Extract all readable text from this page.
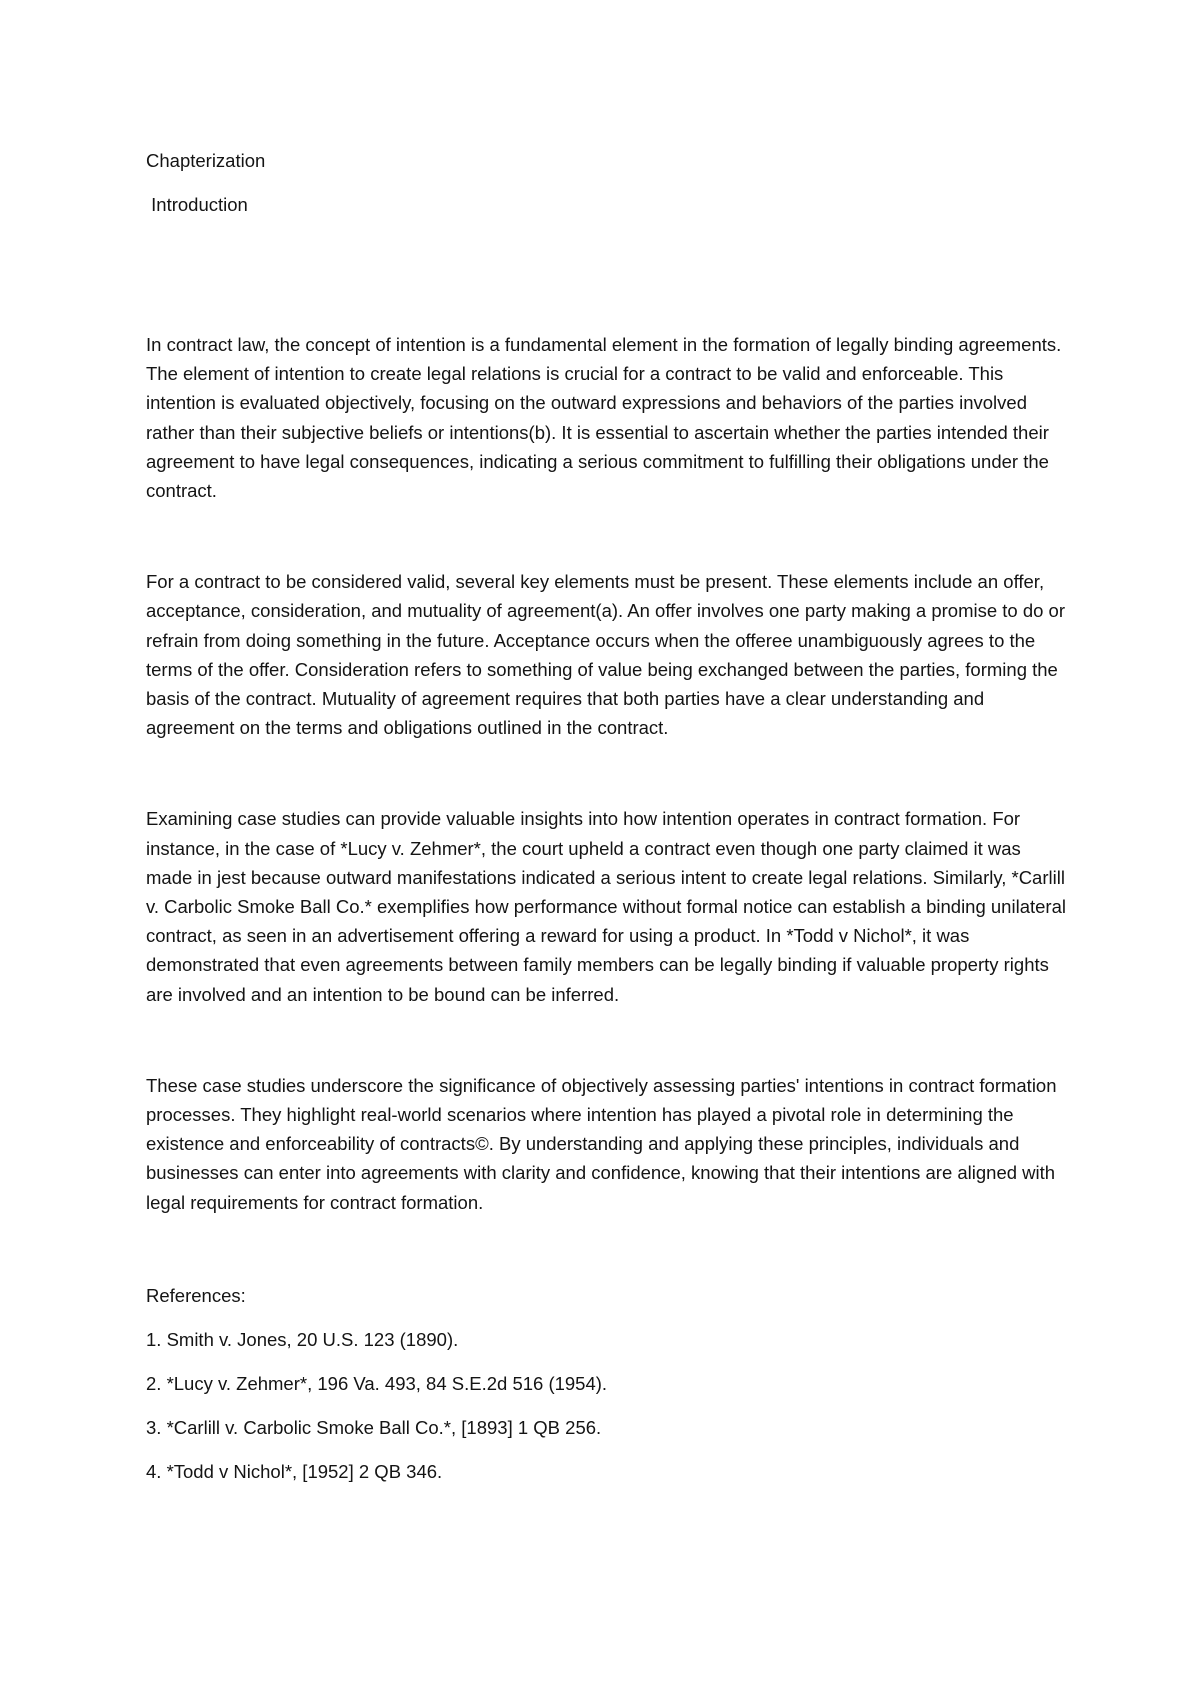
Chapterization

Introduction

In contract law, the concept of intention is a fundamental element in the formation of legally binding agreements. The element of intention to create legal relations is crucial for a contract to be valid and enforceable. This intention is evaluated objectively, focusing on the outward expressions and behaviors of the parties involved rather than their subjective beliefs or intentions(b). It is essential to ascertain whether the parties intended their agreement to have legal consequences, indicating a serious commitment to fulfilling their obligations under the contract.

For a contract to be considered valid, several key elements must be present. These elements include an offer, acceptance, consideration, and mutuality of agreement(a). An offer involves one party making a promise to do or refrain from doing something in the future. Acceptance occurs when the offeree unambiguously agrees to the terms of the offer. Consideration refers to something of value being exchanged between the parties, forming the basis of the contract. Mutuality of agreement requires that both parties have a clear understanding and agreement on the terms and obligations outlined in the contract.

Examining case studies can provide valuable insights into how intention operates in contract formation. For instance, in the case of *Lucy v. Zehmer*, the court upheld a contract even though one party claimed it was made in jest because outward manifestations indicated a serious intent to create legal relations. Similarly, *Carlill v. Carbolic Smoke Ball Co.* exemplifies how performance without formal notice can establish a binding unilateral contract, as seen in an advertisement offering a reward for using a product. In *Todd v Nichol*, it was demonstrated that even agreements between family members can be legally binding if valuable property rights are involved and an intention to be bound can be inferred.

These case studies underscore the significance of objectively assessing parties' intentions in contract formation processes. They highlight real-world scenarios where intention has played a pivotal role in determining the existence and enforceability of contracts©. By understanding and applying these principles, individuals and businesses can enter into agreements with clarity and confidence, knowing that their intentions are aligned with legal requirements for contract formation.

References:

1. Smith v. Jones, 20 U.S. 123 (1890).

2. *Lucy v. Zehmer*, 196 Va. 493, 84 S.E.2d 516 (1954).

3. *Carlill v. Carbolic Smoke Ball Co.*, [1893] 1 QB 256.

4. *Todd v Nichol*, [1952] 2 QB 346.
